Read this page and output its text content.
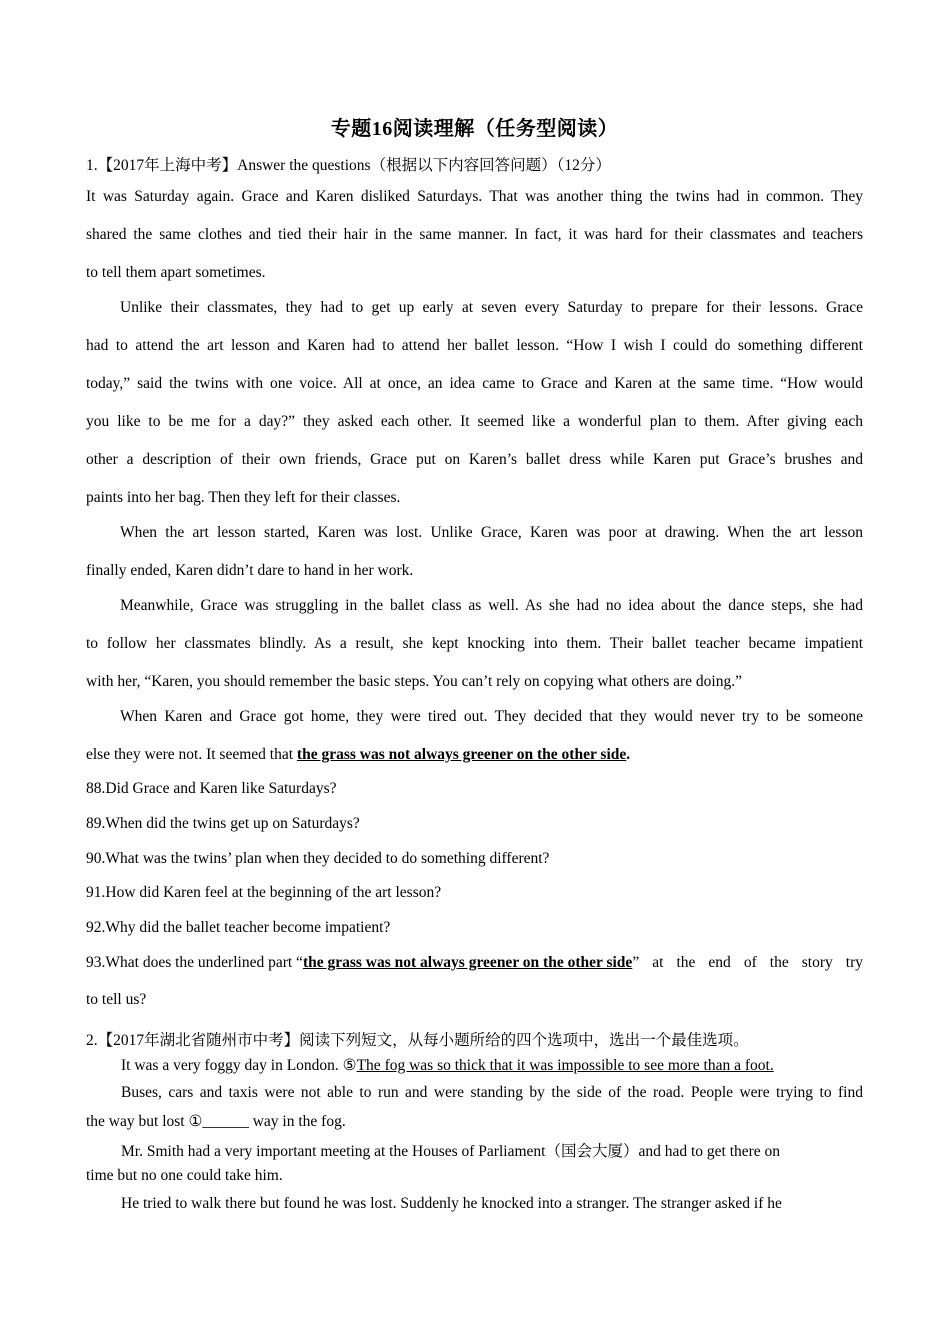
专题16阅读理解（任务型阅读）
1.【2017年上海中考】Answer the questions（根据以下内容回答问题）（12分）
It was Saturday again. Grace and Karen disliked Saturdays. That was another thing the twins had in common. They
shared the same clothes and tied their hair in the same manner. In fact, it was hard for their classmates and teachers
to tell them apart sometimes.
Unlike their classmates, they had to get up early at seven every Saturday to prepare for their lessons. Grace
had to attend the art lesson and Karen had to attend her ballet lesson. “How I wish I could do something different
today,” said the twins with one voice. All at once, an idea came to Grace and Karen at the same time. “How would
you like to be me for a day?” they asked each other. It seemed like a wonderful plan to them. After giving each
other a description of their own friends, Grace put on Karen’s ballet dress while Karen put Grace’s brushes and
paints into her bag. Then they left for their classes.
When the art lesson started, Karen was lost. Unlike Grace, Karen was poor at drawing. When the art lesson
finally ended, Karen didn’t dare to hand in her work.
Meanwhile, Grace was struggling in the ballet class as well. As she had no idea about the dance steps, she had
to follow her classmates blindly. As a result, she kept knocking into them. Their ballet teacher became impatient
with her, “Karen, you should remember the basic steps. You can’t rely on copying what others are doing.”
When Karen and Grace got home, they were tired out. They decided that they would never try to be someone
else they were not. It seemed that the grass was not always greener on the other side.
88.Did Grace and Karen like Saturdays?
89.When did the twins get up on Saturdays?
90.What was the twins’ plan when they decided to do something different?
91.How did Karen feel at the beginning of the art lesson?
92.Why did the ballet teacher become impatient?
93.What does the underlined part “ the grass was not always greener on the other side ” at the end of the story try
to tell us?
2.【2017年湖北省随州市中考】阅读下列短文，从每小题所给的四个选项中，选出一个最佳选项。
It was a very foggy day in London. ⑤The fog was so thick that it was impossible to see more than a foot.
Buses, cars and taxis were not able to run and were standing by the side of the road. People were trying to find
the way but lost ①______ way in the fog.
Mr. Smith had a very important meeting at the Houses of Parliament（国会大厦）and had to get there on
time but no one could take him.
He tried to walk there but found he was lost. Suddenly he knocked into a stranger. The stranger asked if he
